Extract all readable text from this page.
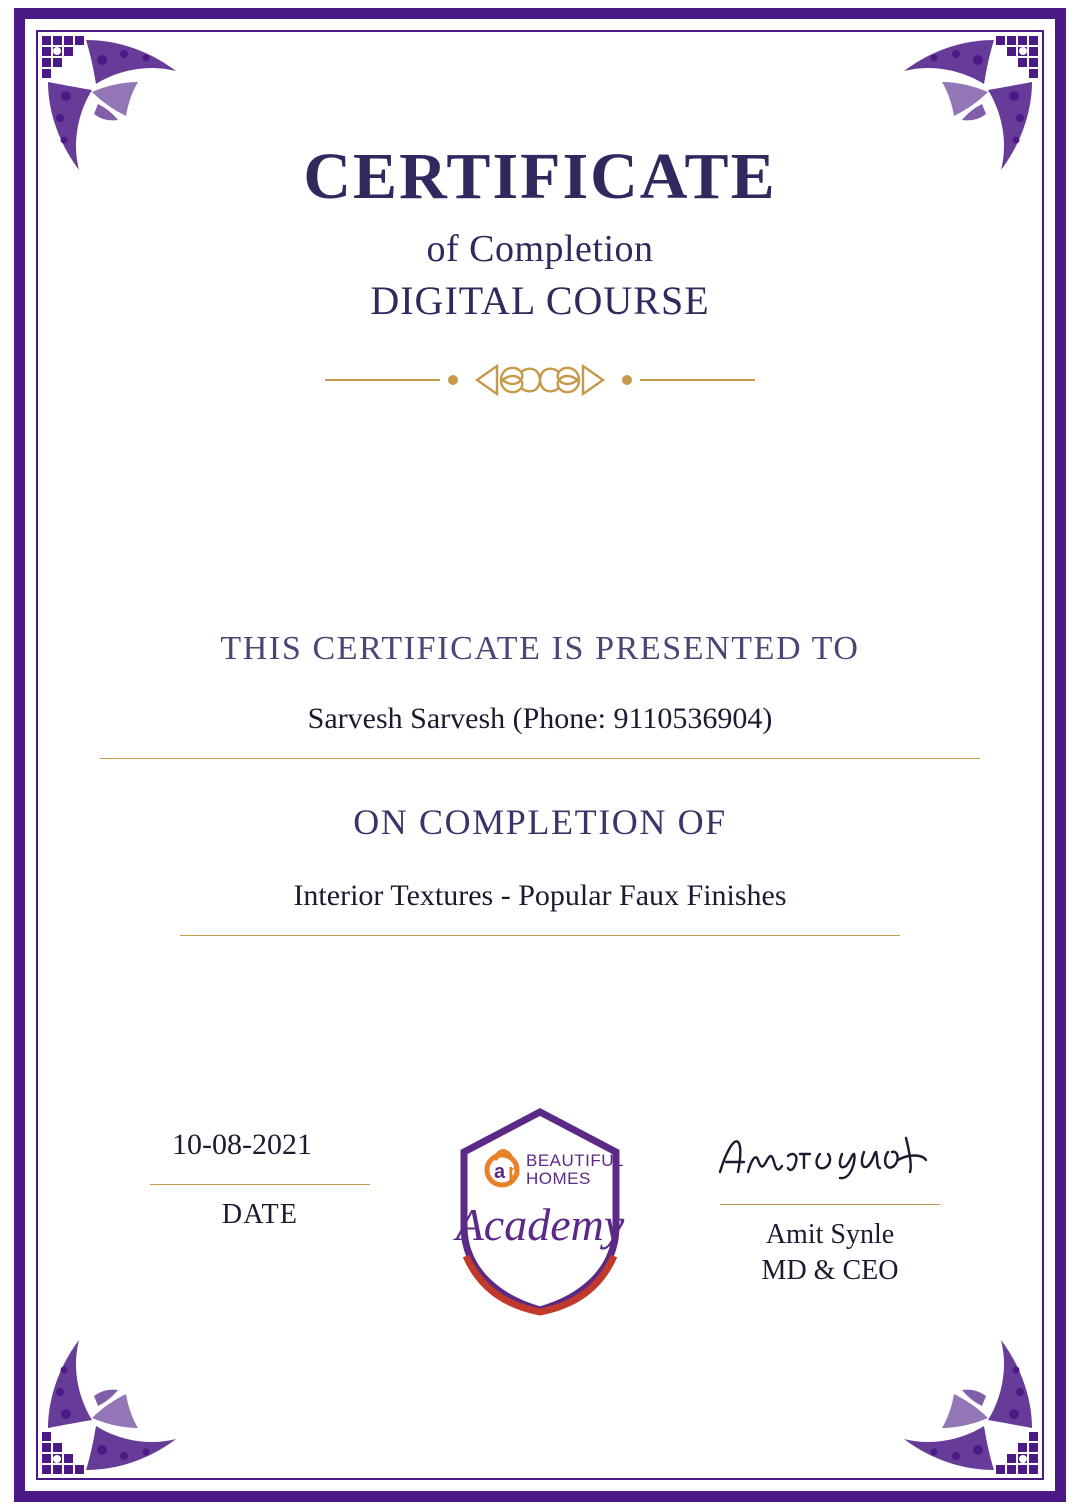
CERTIFICATE
of Completion
DIGITAL COURSE
THIS CERTIFICATE IS PRESENTED TO
Sarvesh Sarvesh (Phone: 9110536904)
ON COMPLETION OF
Interior Textures - Popular Faux Finishes
10-08-2021
DATE
a p
BEAUTIFUL
HOMES
Academy	Amit Synle
MD & CEO
